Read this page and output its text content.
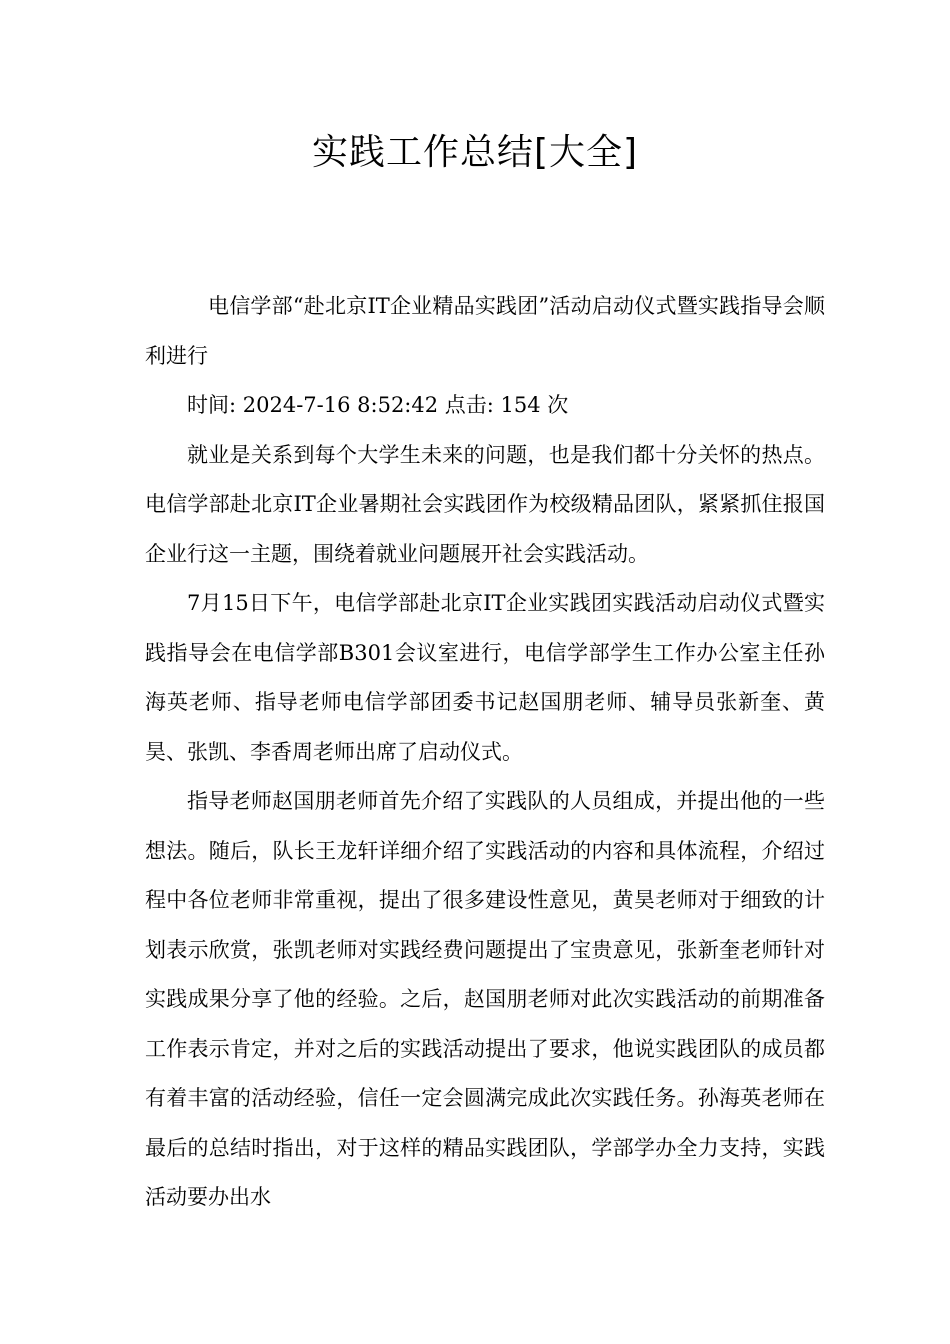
实践工作总结[大全]

电信学部“赴北京IT企业精品实践团”活动启动仪式暨实践指导会顺利进行

时间: 2024-7-16 8:52:42 点击: 154 次

就业是关系到每个大学生未来的问题，也是我们都十分关怀的热点。电信学部赴北京IT企业暑期社会实践团作为校级精品团队，紧紧抓住报国企业行这一主题，围绕着就业问题展开社会实践活动。

7月15日下午，电信学部赴北京IT企业实践团实践活动启动仪式暨实践指导会在电信学部B301会议室进行，电信学部学生工作办公室主任孙海英老师、指导老师电信学部团委书记赵国朋老师、辅导员张新奎、黄昊、张凯、李香周老师出席了启动仪式。

指导老师赵国朋老师首先介绍了实践队的人员组成，并提出他的一些想法。随后，队长王龙轩详细介绍了实践活动的内容和具体流程，介绍过程中各位老师非常重视，提出了很多建设性意见，黄昊老师对于细致的计划表示欣赏，张凯老师对实践经费问题提出了宝贵意见，张新奎老师针对实践成果分享了他的经验。之后，赵国朋老师对此次实践活动的前期准备工作表示肯定，并对之后的实践活动提出了要求，他说实践团队的成员都有着丰富的活动经验，信任一定会圆满完成此次实践任务。孙海英老师在最后的总结时指出，对于这样的精品实践团队，学部学办全力支持，实践活动要办出水
